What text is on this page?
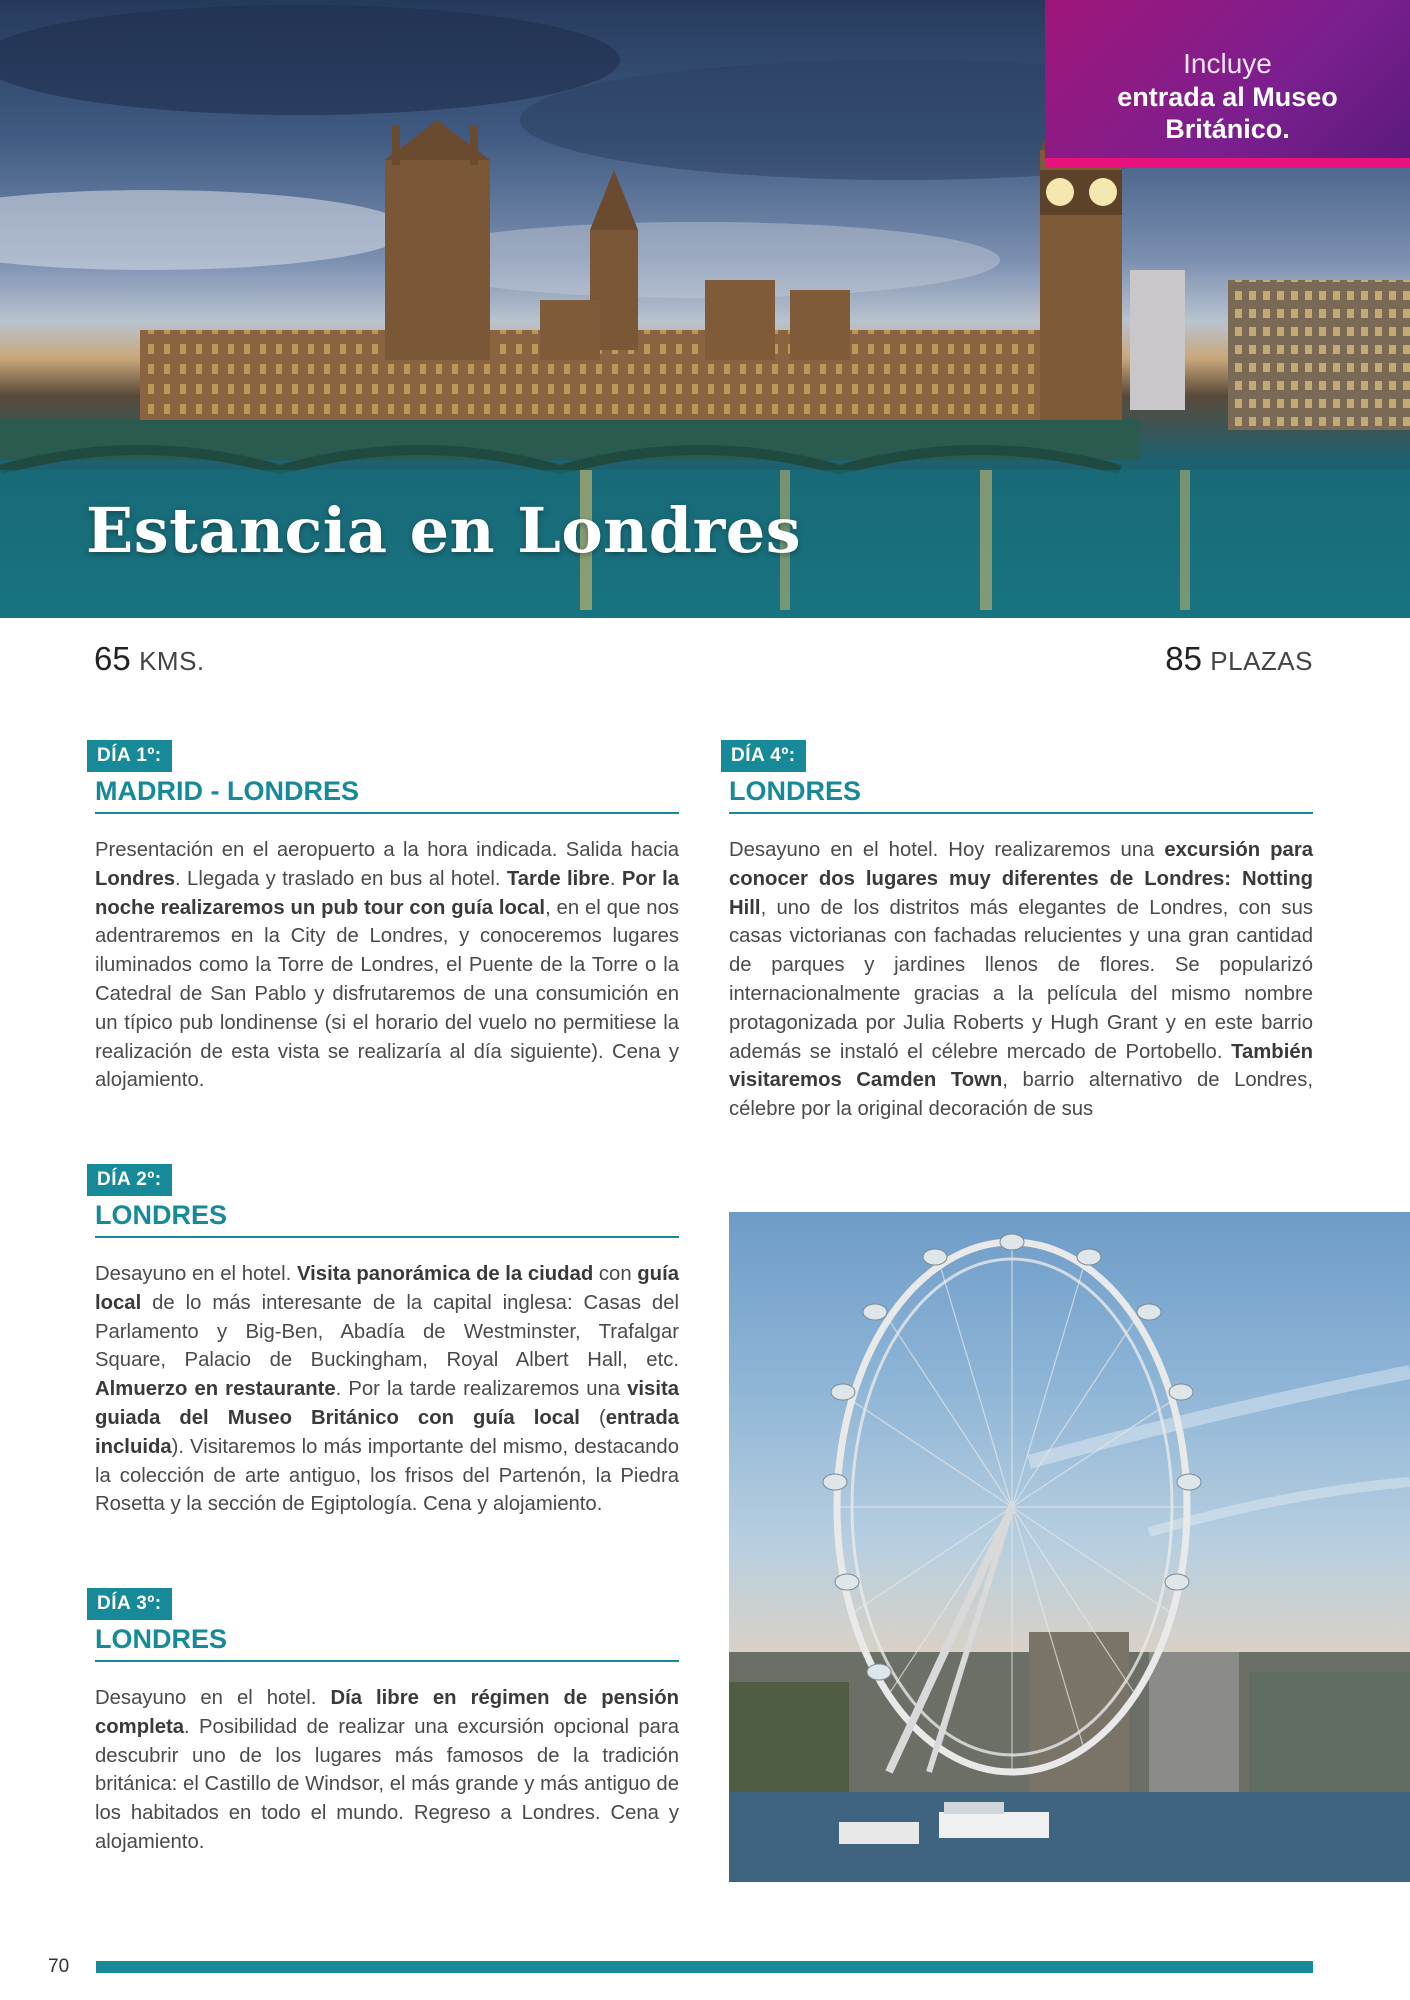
Estancia en Londres
Incluye
entrada al Museo
Británico.
65 KMS.	85 PLAZAS
DÍA 1º:
MADRID - LONDRES

Presentación en el aeropuerto a la hora indicada. Salida hacia Londres. Llegada y traslado en bus al hotel. Tarde libre. Por la noche realizaremos un pub tour con guía local, en el que nos adentraremos en la City de Londres, y conoceremos lugares iluminados como la Torre de Londres, el Puente de la Torre o la Catedral de San Pablo y disfrutaremos de una consumición en un típico pub londinense (si el horario del vuelo no permitiese la realización de esta vista se realizaría al día siguiente). Cena y alojamiento.

DÍA 2º:
LONDRES

Desayuno en el hotel. Visita panorámica de la ciudad con guía local de lo más interesante de la capital inglesa: Casas del Parlamento y Big-Ben, Abadía de Westminster, Trafalgar Square, Palacio de Buckingham, Royal Albert Hall, etc. Almuerzo en restaurante. Por la tarde realizaremos una visita guiada del Museo Británico con guía local (entrada incluida). Visitaremos lo más importante del mismo, destacando la colección de arte antiguo, los frisos del Partenón, la Piedra Rosetta y la sección de Egiptología. Cena y alojamiento.

DÍA 3º:
LONDRES

Desayuno en el hotel. Día libre en régimen de pensión completa. Posibilidad de realizar una excursión opcional para descubrir uno de los lugares más famosos de la tradición británica: el Castillo de Windsor, el más grande y más antiguo de los habitados en todo el mundo. Regreso a Londres. Cena y alojamiento.

DÍA 4º:
LONDRES

Desayuno en el hotel. Hoy realizaremos una excursión para conocer dos lugares muy diferentes de Londres: Notting Hill, uno de los distritos más elegantes de Londres, con sus casas victorianas con fachadas relucientes y una gran cantidad de parques y jardines llenos de flores. Se popularizó internacionalmente gracias a la película del mismo nombre protagonizada por Julia Roberts y Hugh Grant y en este barrio además se instaló el célebre mercado de Portobello. También visitaremos Camden Town, barrio alternativo de Londres, célebre por la original decoración de sus

70
